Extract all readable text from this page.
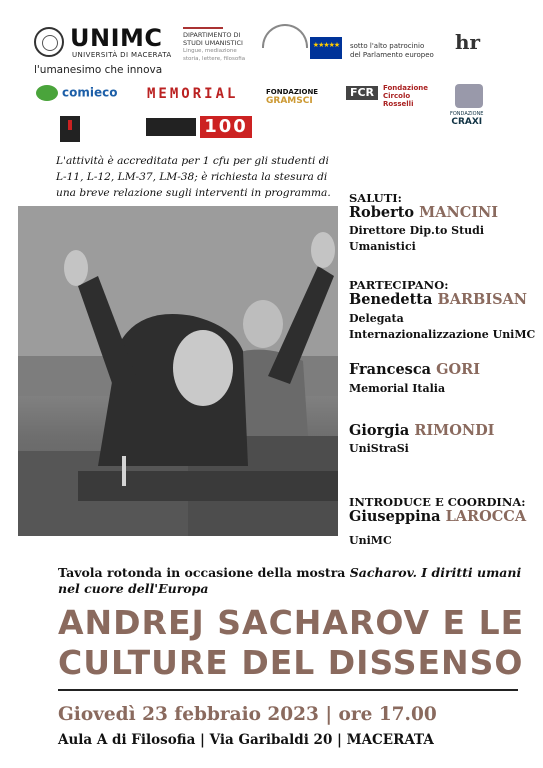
UNIMC
UNIVERSITÀ DI MACERATA
l'umanesimo che innova
DIPARTIMENTO DI
STUDI UMANISTICI
Lingue, mediazione
storia, lettere, filosofia
★★★★★	sotto l'alto patrocinio
del Parlamento europeo
hr
comieco MEMORIAL	FONDAZIONE
GRAMSCI
FCR	Fondazione
Circolo
Rosselli
FONDAZIONE
CRAXI
100
L'attività è accreditata per 1 cfu per gli studenti di L-11, L-12, LM-37, LM-38; è richiesta la stesura di una breve relazione sugli interventi in programma. SALUTI:
Roberto MANCINI
Direttore Dip.to Studi Umanistici
PARTECIPANO:
Benedetta BARBISAN
Delegata Internazionalizzazione UniMC
Francesca GORI
Memorial Italia
Giorgia RIMONDI
UniStraSi
INTRODUCE E COORDINA:
Giuseppina LAROCCA
UniMC
Tavola rotonda in occasione della mostra Sacharov. I diritti umani nel cuore dell'Europa
ANDREJ SACHAROV E LE
CULTURE DEL DISSENSO
Giovedì 23 febbraio 2023 | ore 17.00
Aula A di Filosofia | Via Garibaldi 20 | MACERATA
